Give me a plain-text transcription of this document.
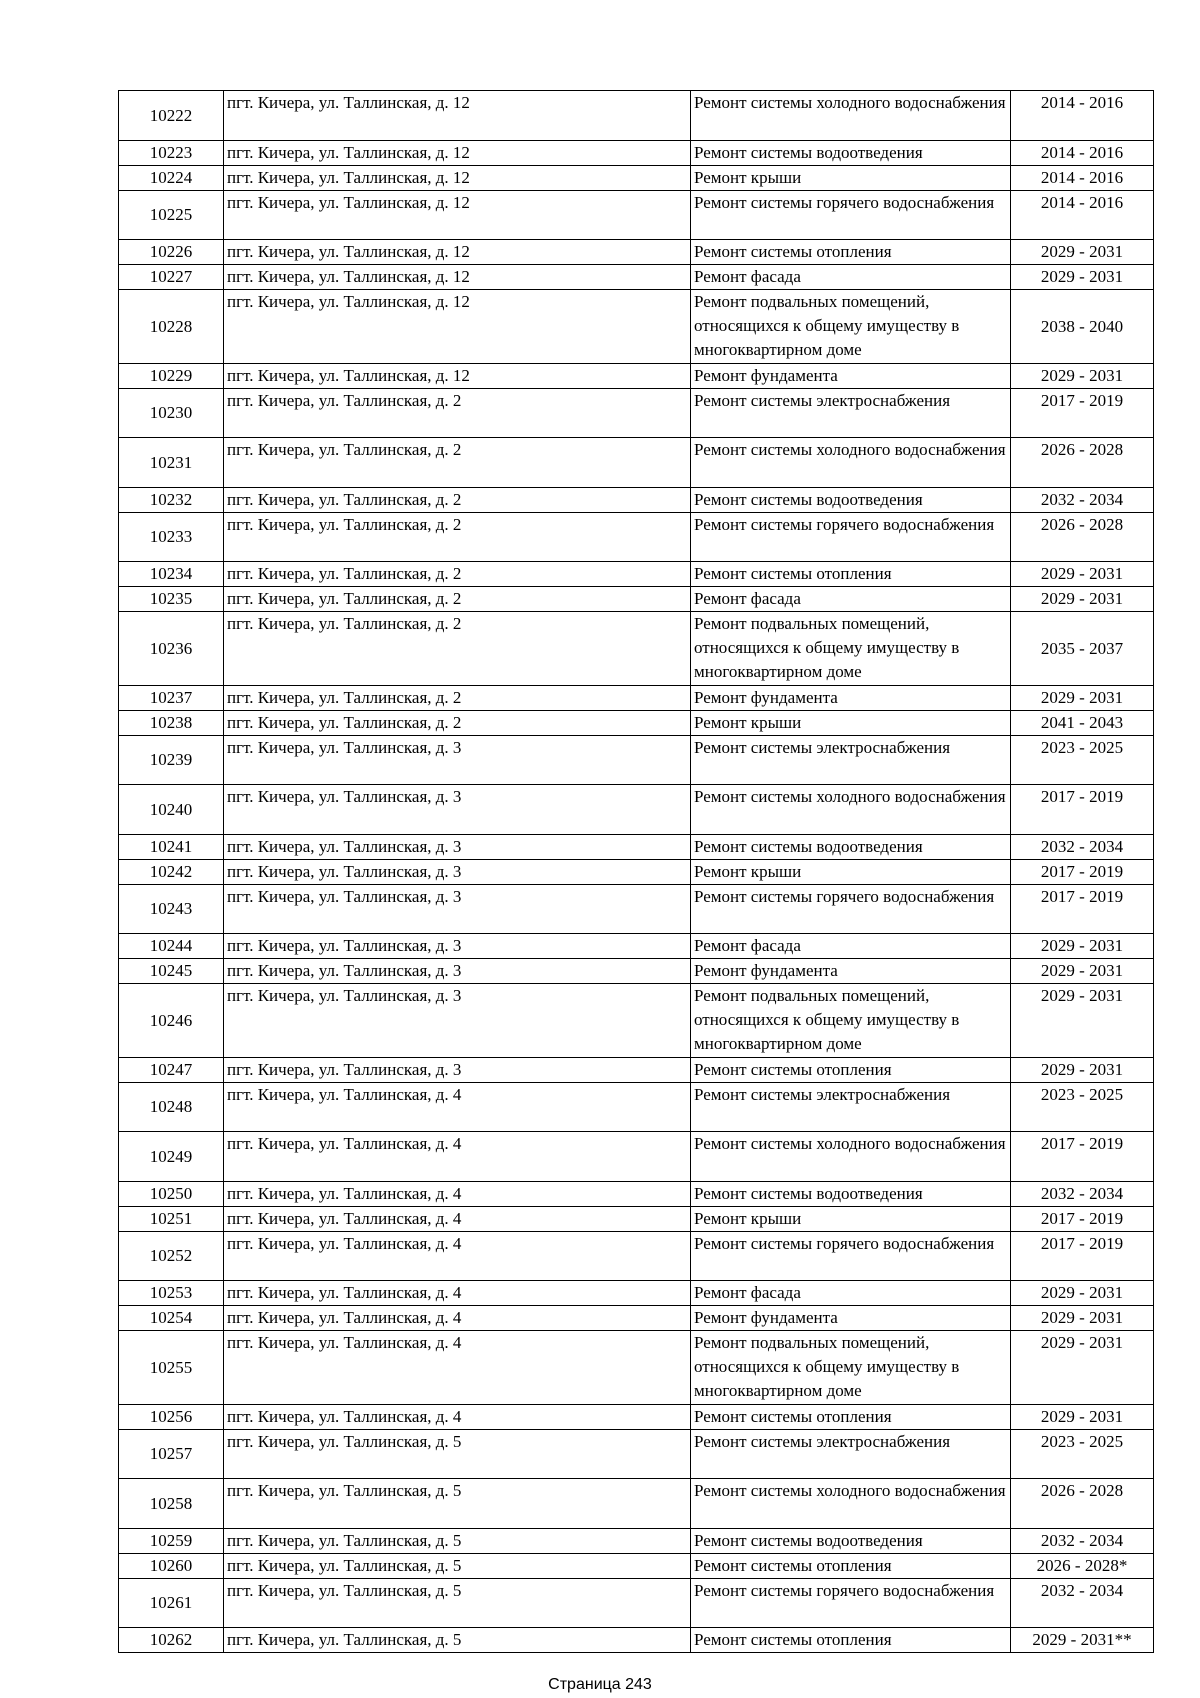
10222	пгт. Кичера, ул. Таллинская, д. 12	Ремонт системы холодного водоснабжения	2014 - 2016
10223	пгт. Кичера, ул. Таллинская, д. 12	Ремонт системы водоотведения	2014 - 2016
10224	пгт. Кичера, ул. Таллинская, д. 12	Ремонт крыши	2014 - 2016
10225	пгт. Кичера, ул. Таллинская, д. 12	Ремонт системы горячего водоснабжения	2014 - 2016
10226	пгт. Кичера, ул. Таллинская, д. 12	Ремонт системы отопления	2029 - 2031
10227	пгт. Кичера, ул. Таллинская, д. 12	Ремонт фасада	2029 - 2031
10228	пгт. Кичера, ул. Таллинская, д. 12	Ремонт подвальных помещений, относящихся к общему имуществу в многоквартирном доме	2038 - 2040
10229	пгт. Кичера, ул. Таллинская, д. 12	Ремонт фундамента	2029 - 2031
10230	пгт. Кичера, ул. Таллинская, д. 2	Ремонт системы электроснабжения	2017 - 2019
10231	пгт. Кичера, ул. Таллинская, д. 2	Ремонт системы холодного водоснабжения	2026 - 2028
10232	пгт. Кичера, ул. Таллинская, д. 2	Ремонт системы водоотведения	2032 - 2034
10233	пгт. Кичера, ул. Таллинская, д. 2	Ремонт системы горячего водоснабжения	2026 - 2028
10234	пгт. Кичера, ул. Таллинская, д. 2	Ремонт системы отопления	2029 - 2031
10235	пгт. Кичера, ул. Таллинская, д. 2	Ремонт фасада	2029 - 2031
10236	пгт. Кичера, ул. Таллинская, д. 2	Ремонт подвальных помещений, относящихся к общему имуществу в многоквартирном доме	2035 - 2037
10237	пгт. Кичера, ул. Таллинская, д. 2	Ремонт фундамента	2029 - 2031
10238	пгт. Кичера, ул. Таллинская, д. 2	Ремонт крыши	2041 - 2043
10239	пгт. Кичера, ул. Таллинская, д. 3	Ремонт системы электроснабжения	2023 - 2025
10240	пгт. Кичера, ул. Таллинская, д. 3	Ремонт системы холодного водоснабжения	2017 - 2019
10241	пгт. Кичера, ул. Таллинская, д. 3	Ремонт системы водоотведения	2032 - 2034
10242	пгт. Кичера, ул. Таллинская, д. 3	Ремонт крыши	2017 - 2019
10243	пгт. Кичера, ул. Таллинская, д. 3	Ремонт системы горячего водоснабжения	2017 - 2019
10244	пгт. Кичера, ул. Таллинская, д. 3	Ремонт фасада	2029 - 2031
10245	пгт. Кичера, ул. Таллинская, д. 3	Ремонт фундамента	2029 - 2031
10246	пгт. Кичера, ул. Таллинская, д. 3	Ремонт подвальных помещений, относящихся к общему имуществу в многоквартирном доме	2029 - 2031
10247	пгт. Кичера, ул. Таллинская, д. 3	Ремонт системы отопления	2029 - 2031
10248	пгт. Кичера, ул. Таллинская, д. 4	Ремонт системы электроснабжения	2023 - 2025
10249	пгт. Кичера, ул. Таллинская, д. 4	Ремонт системы холодного водоснабжения	2017 - 2019
10250	пгт. Кичера, ул. Таллинская, д. 4	Ремонт системы водоотведения	2032 - 2034
10251	пгт. Кичера, ул. Таллинская, д. 4	Ремонт крыши	2017 - 2019
10252	пгт. Кичера, ул. Таллинская, д. 4	Ремонт системы горячего водоснабжения	2017 - 2019
10253	пгт. Кичера, ул. Таллинская, д. 4	Ремонт фасада	2029 - 2031
10254	пгт. Кичера, ул. Таллинская, д. 4	Ремонт фундамента	2029 - 2031
10255	пгт. Кичера, ул. Таллинская, д. 4	Ремонт подвальных помещений, относящихся к общему имуществу в многоквартирном доме	2029 - 2031
10256	пгт. Кичера, ул. Таллинская, д. 4	Ремонт системы отопления	2029 - 2031
10257	пгт. Кичера, ул. Таллинская, д. 5	Ремонт системы электроснабжения	2023 - 2025
10258	пгт. Кичера, ул. Таллинская, д. 5	Ремонт системы холодного водоснабжения	2026 - 2028
10259	пгт. Кичера, ул. Таллинская, д. 5	Ремонт системы водоотведения	2032 - 2034
10260	пгт. Кичера, ул. Таллинская, д. 5	Ремонт системы отопления	2026 - 2028*
10261	пгт. Кичера, ул. Таллинская, д. 5	Ремонт системы горячего водоснабжения	2032 - 2034
10262	пгт. Кичера, ул. Таллинская, д. 5	Ремонт системы отопления	2029 - 2031**
Страница 243
